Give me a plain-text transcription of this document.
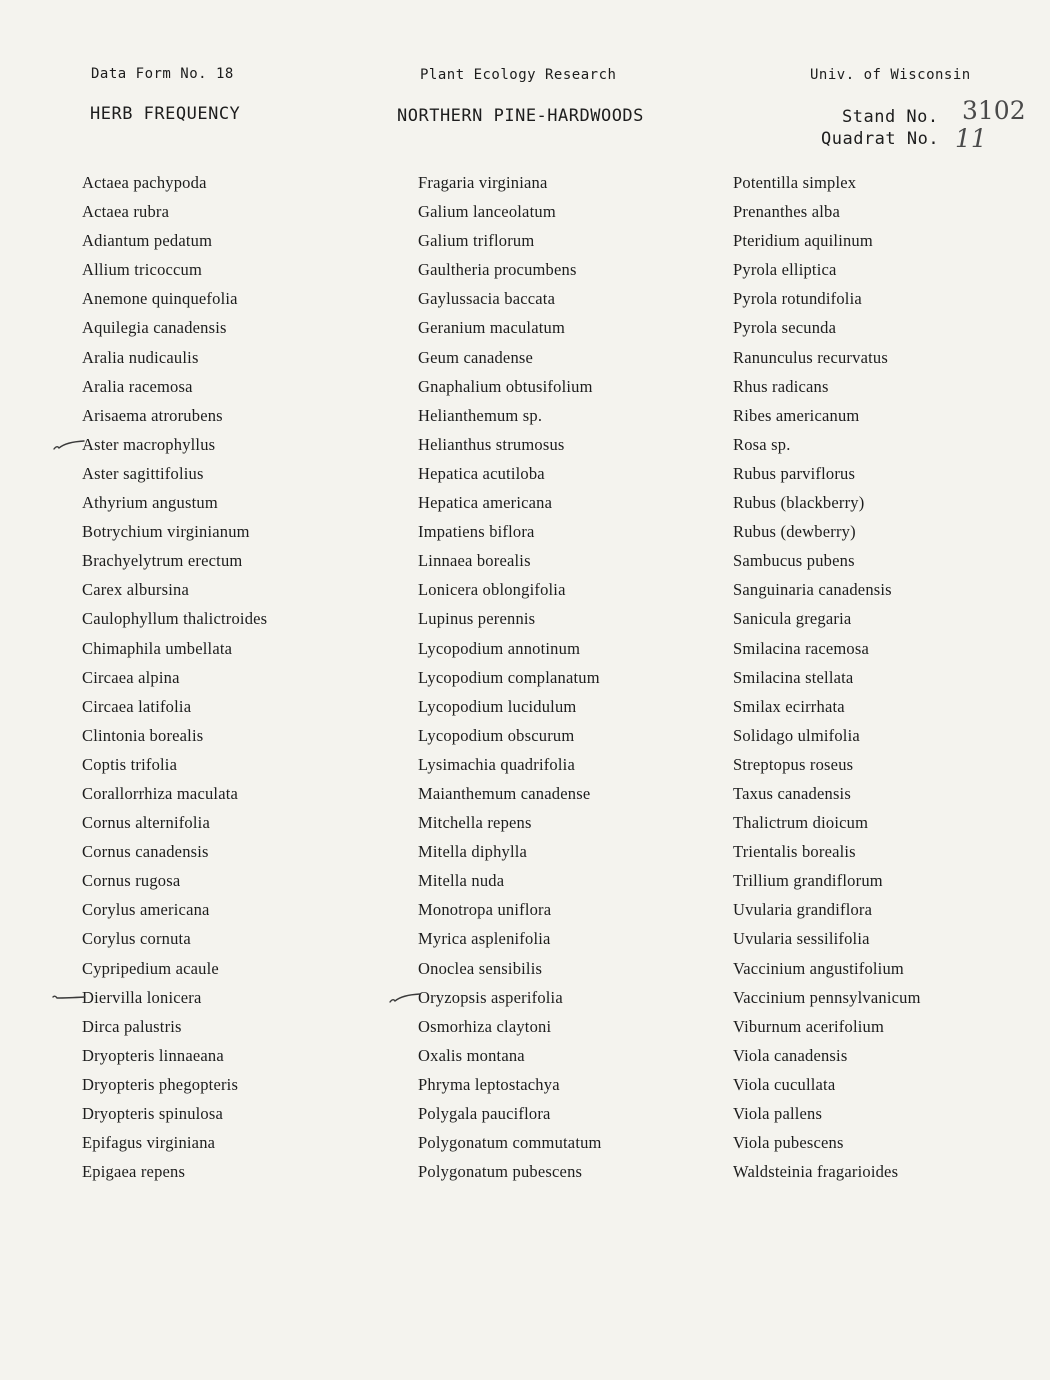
Data Form No. 18	Plant Ecology Research	Univ. of Wisconsin
HERB FREQUENCY	NORTHERN PINE-HARDWOODS	Stand No. 3102
Quadrat No. 11
Actaea pachypoda
Actaea rubra
Adiantum pedatum
Allium tricoccum
Anemone quinquefolia
Aquilegia canadensis
Aralia nudicaulis
Aralia racemosa
Arisaema atrorubens
Aster macrophyllus
Aster sagittifolius
Athyrium angustum
Botrychium virginianum
Brachyelytrum erectum
Carex albursina
Caulophyllum thalictroides
Chimaphila umbellata
Circaea alpina
Circaea latifolia
Clintonia borealis
Coptis trifolia
Corallorrhiza maculata
Cornus alternifolia
Cornus canadensis
Cornus rugosa
Corylus americana
Corylus cornuta
Cypripedium acaule
Diervilla lonicera
Dirca palustris
Dryopteris linnaeana
Dryopteris phegopteris
Dryopteris spinulosa
Epifagus virginiana
Epigaea repens
Fragaria virginiana
Galium lanceolatum
Galium triflorum
Gaultheria procumbens
Gaylussacia baccata
Geranium maculatum
Geum canadense
Gnaphalium obtusifolium
Helianthemum sp.
Helianthus strumosus
Hepatica acutiloba
Hepatica americana
Impatiens biflora
Linnaea borealis
Lonicera oblongifolia
Lupinus perennis
Lycopodium annotinum
Lycopodium complanatum
Lycopodium lucidulum
Lycopodium obscurum
Lysimachia quadrifolia
Maianthemum canadense
Mitchella repens
Mitella diphylla
Mitella nuda
Monotropa uniflora
Myrica asplenifolia
Onoclea sensibilis
Oryzopsis asperifolia
Osmorhiza claytoni
Oxalis montana
Phryma leptostachya
Polygala pauciflora
Polygonatum commutatum
Polygonatum pubescens
Potentilla simplex
Prenanthes alba
Pteridium aquilinum
Pyrola elliptica
Pyrola rotundifolia
Pyrola secunda
Ranunculus recurvatus
Rhus radicans
Ribes americanum
Rosa sp.
Rubus parviflorus
Rubus (blackberry)
Rubus (dewberry)
Sambucus pubens
Sanguinaria canadensis
Sanicula gregaria
Smilacina racemosa
Smilacina stellata
Smilax ecirrhata
Solidago ulmifolia
Streptopus roseus
Taxus canadensis
Thalictrum dioicum
Trientalis borealis
Trillium grandiflorum
Uvularia grandiflora
Uvularia sessilifolia
Vaccinium angustifolium
Vaccinium pennsylvanicum
Viburnum acerifolium
Viola canadensis
Viola cucullata
Viola pallens
Viola pubescens
Waldsteinia fragarioides
